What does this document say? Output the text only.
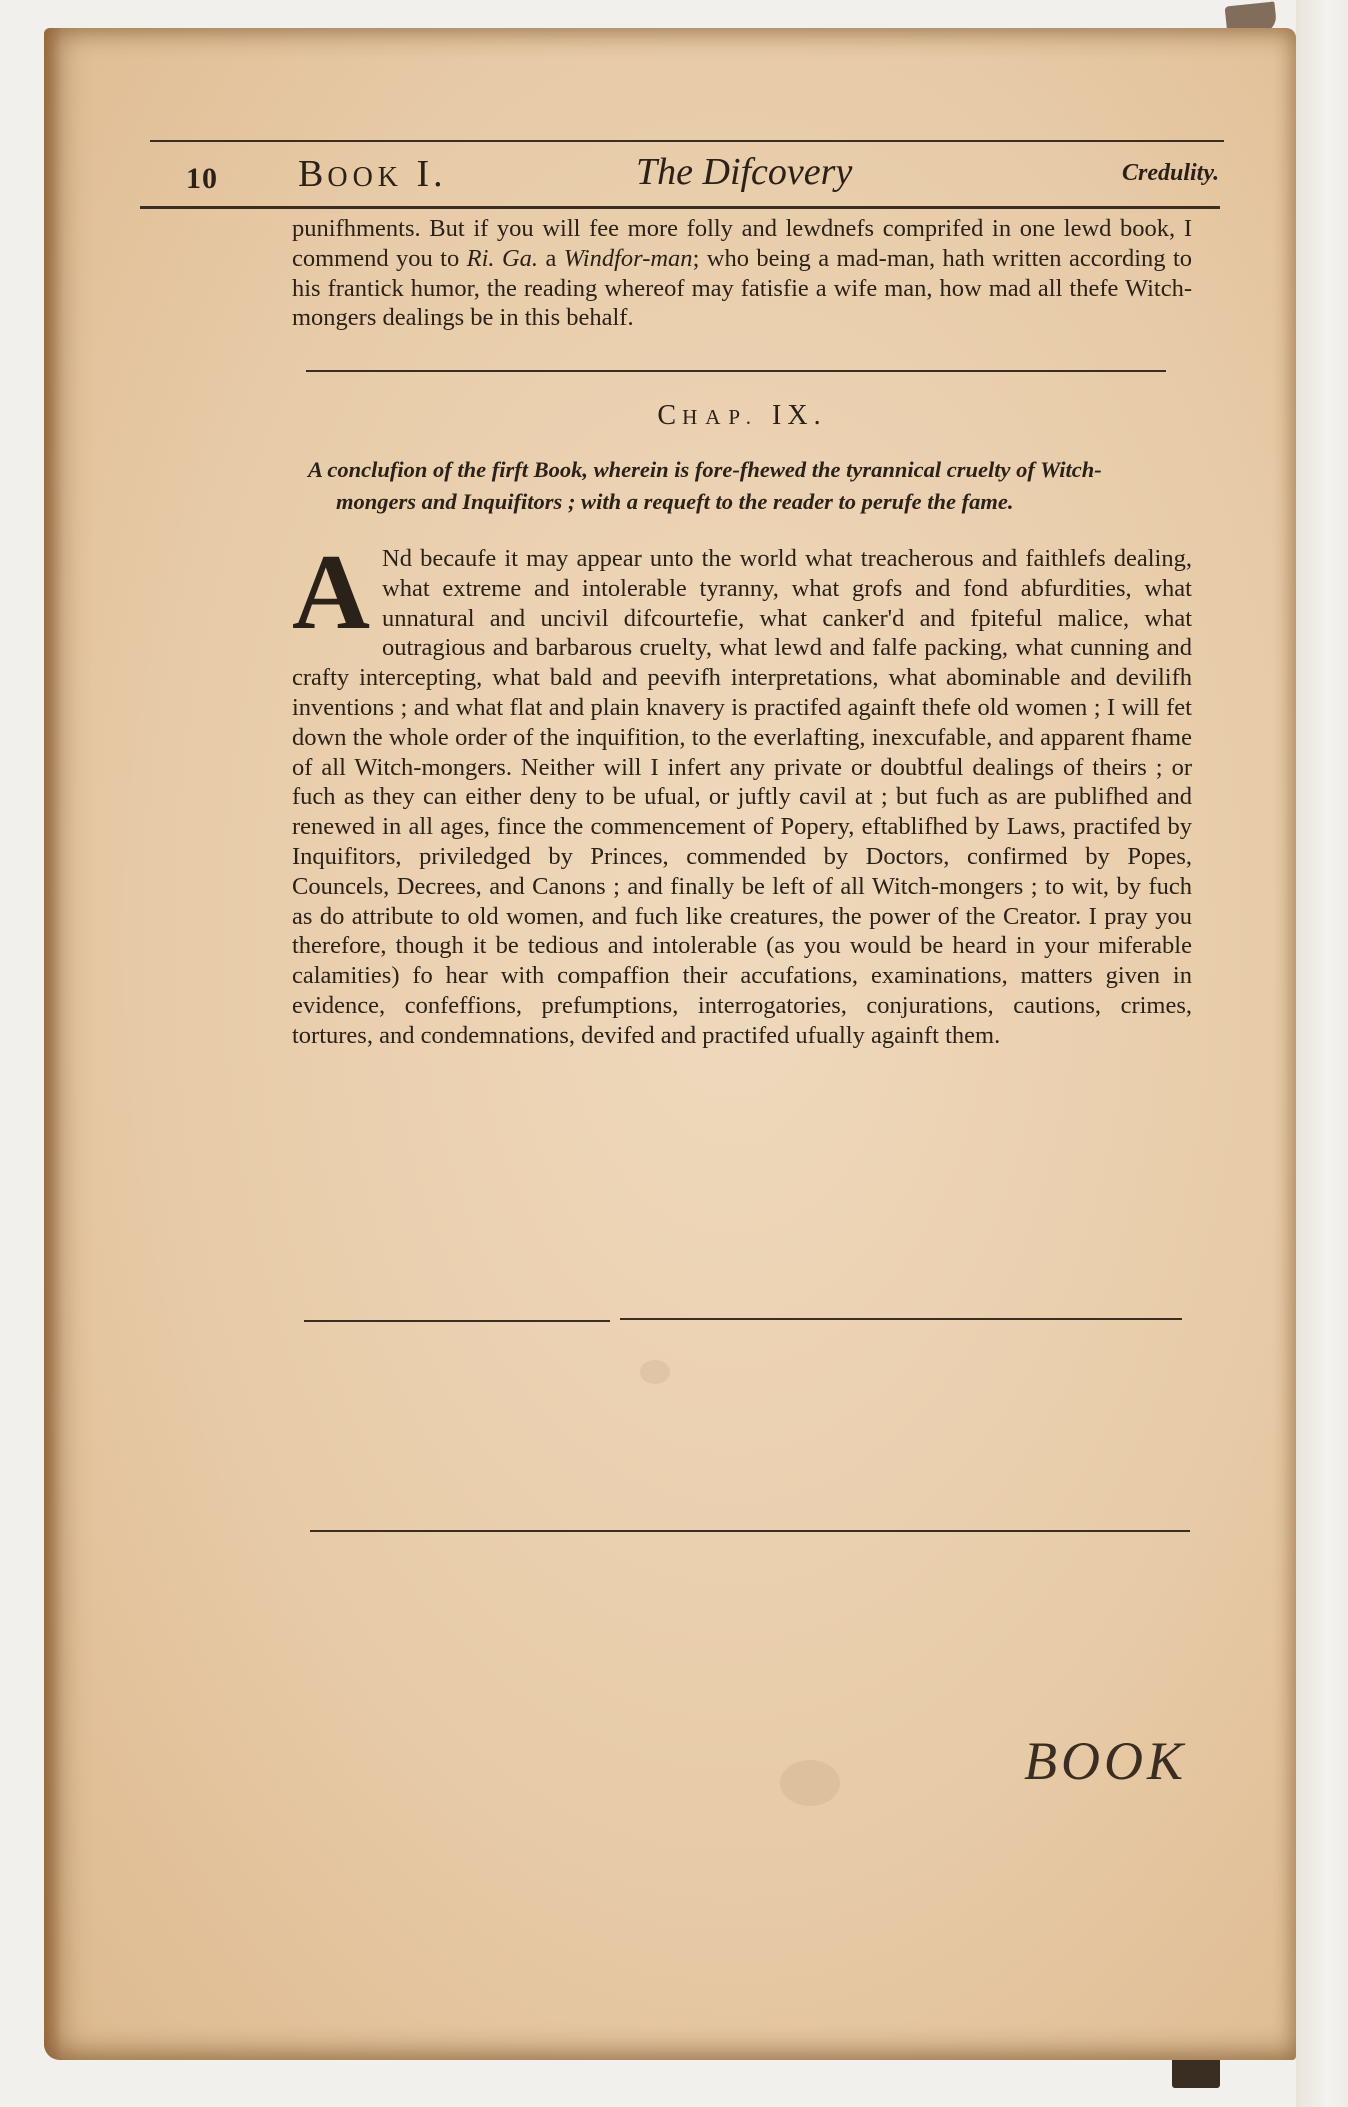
10 BOOK I.	The Difcovery	Credulity.
punifhments. But if you will fee more folly and lewdnefs comprifed in one lewd book, I commend you to Ri. Ga. a Windfor-man; who being a mad-man, hath written according to his frantick humor, the reading whereof may fatisfie a wife man, how mad all thefe Witch-mongers dealings be in this behalf.
CHAP. IX.
A conclufion of the firft Book, wherein is fore-fhewed the tyrannical cruelty of Witch-
mongers and Inquifitors ; with a requeft to the reader to perufe the fame.
A Nd becaufe it may appear unto the world what treacherous and faithlefs dealing, what extreme and intolerable tyranny, what grofs and fond abfurdities, what unnatural and uncivil difcourtefie, what canker'd and fpiteful malice, what outragious and barbarous cruelty, what lewd and falfe packing, what cunning and crafty intercepting, what bald and peevifh interpretations, what abominable and devilifh inventions ; and what flat and plain knavery is practifed againft thefe old women ; I will fet down the whole order of the inquifition, to the everlafting, inexcufable, and apparent fhame of all Witch-mongers. Neither will I infert any private or doubtful dealings of theirs ; or fuch as they can either deny to be ufual, or juftly cavil at ; but fuch as are publifhed and renewed in all ages, fince the commencement of Popery, eftablifhed by Laws, practifed by Inquifitors, priviledged by Princes, commended by Doctors, confirmed by Popes, Councels, Decrees, and Canons ; and finally be left of all Witch-mongers ; to wit, by fuch as do attribute to old women, and fuch like creatures, the power of the Creator. I pray you therefore, though it be tedious and intolerable (as you would be heard in your miferable calamities) fo hear with compaffion their accufations, examinations, matters given in evidence, confeffions, prefumptions, interrogatories, conjurations, cautions, crimes, tortures, and condemnations, devifed and practifed ufually againft them.
BOOK
